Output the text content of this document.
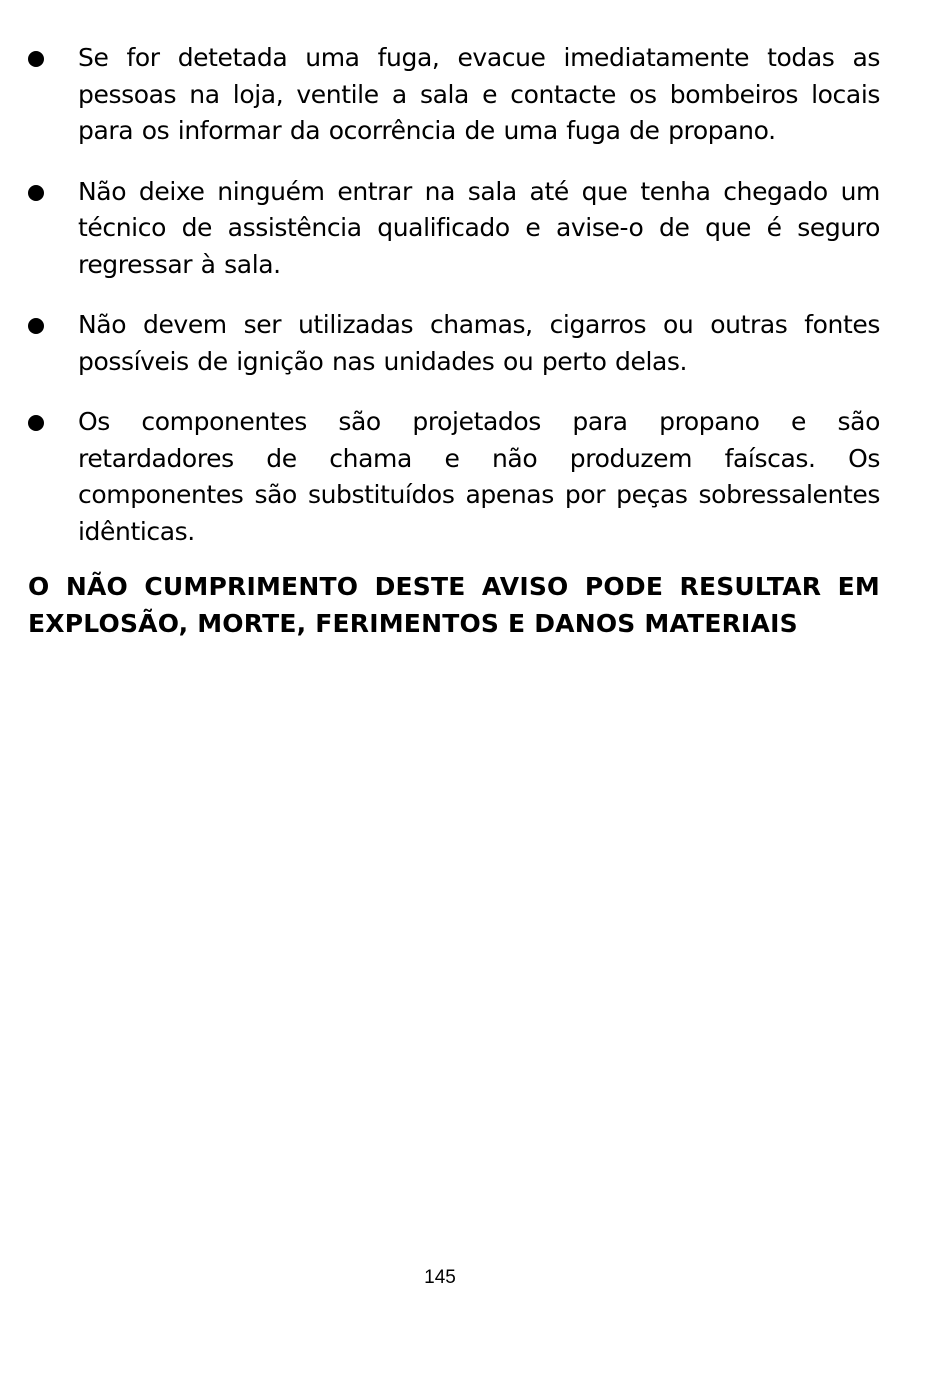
Se for detetada uma fuga, evacue imediatamente todas as pessoas na loja, ventile a sala e contacte os bombeiros locais para os informar da ocorrência de uma fuga de propano.
Não deixe ninguém entrar na sala até que tenha chegado um técnico de assistência qualificado e avise-o de que é seguro regressar à sala.
Não devem ser utilizadas chamas, cigarros ou outras fontes possíveis de ignição nas unidades ou perto delas.
Os componentes são projetados para propano e são retardadores de chama e não produzem faíscas. Os componentes são substituídos apenas por peças sobressalentes idênticas.

O NÃO CUMPRIMENTO DESTE AVISO PODE RESULTAR EM
EXPLOSÃO, MORTE, FERIMENTOS E DANOS MATERIAIS

145
